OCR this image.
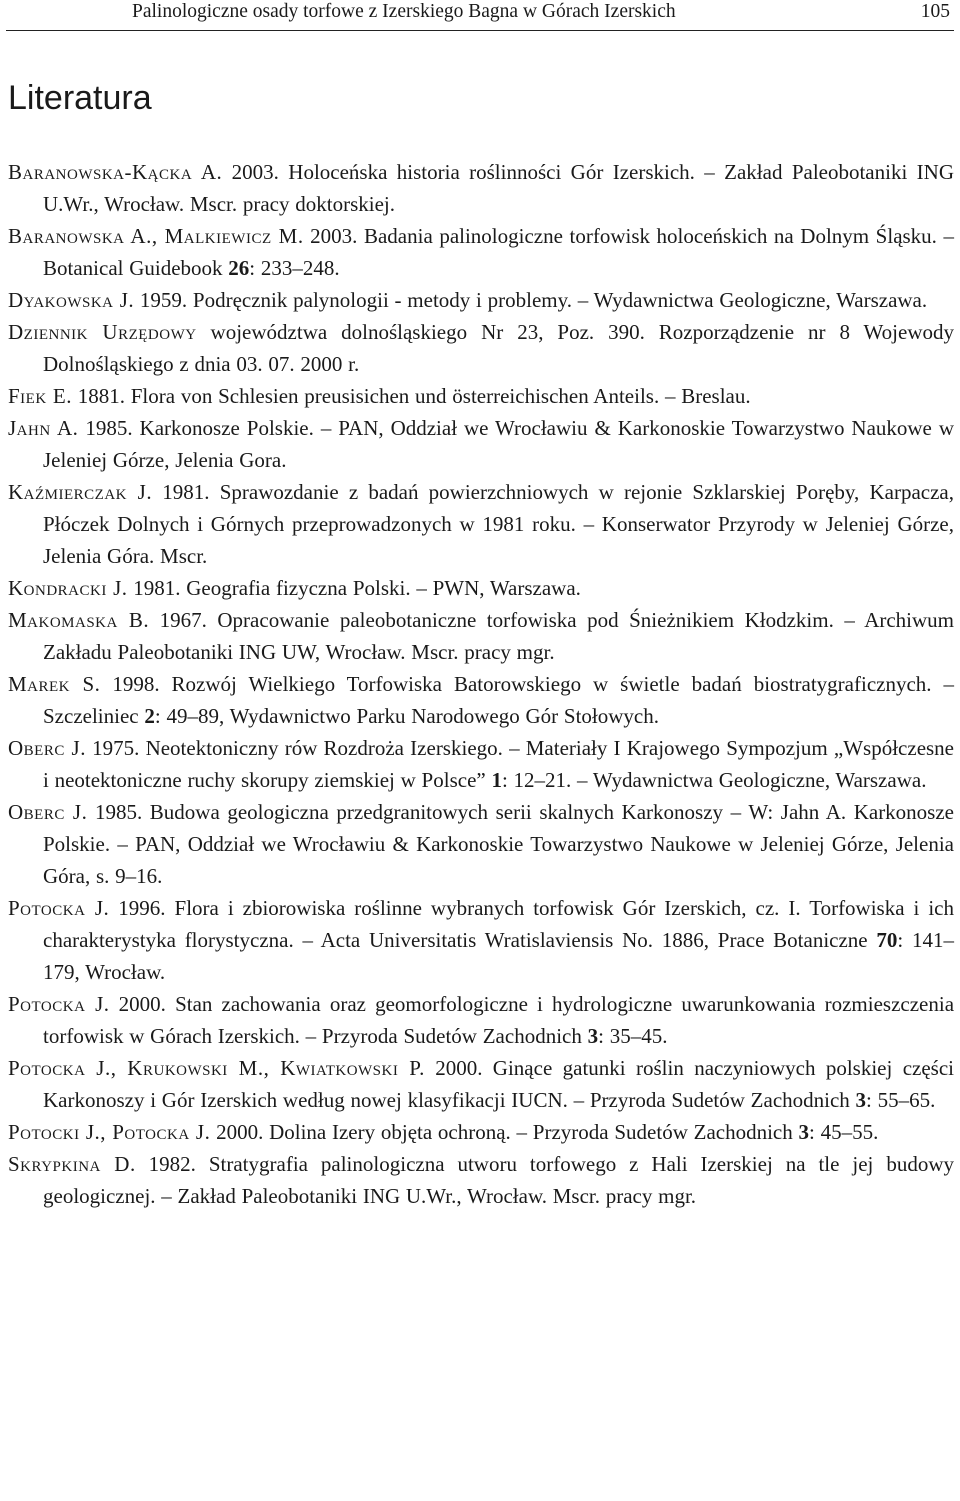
Palinologiczne osady torfowe z Izerskiego Bagna w Górach Izerskich	105
Literatura
Baranowska-Kącka A. 2003. Holoceńska historia roślinności Gór Izerskich. – Zakład Paleobotaniki ING U.Wr., Wrocław. Mscr. pracy doktorskiej.
Baranowska A., Malkiewicz M. 2003. Badania palinologiczne torfowisk holoceńskich na Dolnym Śląsku. – Botanical Guidebook 26: 233–248.
Dyakowska J. 1959. Podręcznik palynologii - metody i problemy. – Wydawnictwa Geologiczne, Warszawa.
Dziennik Urzędowy województwa dolnośląskiego Nr 23, Poz. 390. Rozporządzenie nr 8 Wojewody Dolnośląskiego z dnia 03. 07. 2000 r.
Fiek E. 1881. Flora von Schlesien preusisichen und österreichischen Anteils. – Breslau.
Jahn A. 1985. Karkonosze Polskie. – PAN, Oddział we Wrocławiu & Karkonoskie Towarzystwo Naukowe w Jeleniej Górze, Jelenia Gora.
Kaźmierczak J. 1981. Sprawozdanie z badań powierzchniowych w rejonie Szklarskiej Poręby, Karpacza, Płóczek Dolnych i Górnych przeprowadzonych w 1981 roku. – Konserwator Przyrody w Jeleniej Górze, Jelenia Góra. Mscr.
Kondracki J. 1981. Geografia fizyczna Polski. – PWN, Warszawa.
Makomaska B. 1967. Opracowanie paleobotaniczne torfowiska pod Śnieżnikiem Kłodzkim. – Archiwum Zakładu Paleobotaniki ING UW, Wrocław. Mscr. pracy mgr.
Marek S. 1998. Rozwój Wielkiego Torfowiska Batorowskiego w świetle badań biostratygraficznych. – Szczeliniec 2: 49–89, Wydawnictwo Parku Narodowego Gór Stołowych.
Oberc J. 1975. Neotektoniczny rów Rozdroża Izerskiego. – Materiały I Krajowego Sympozjum „Współczesne i neotektoniczne ruchy skorupy ziemskiej w Polsce” 1: 12–21. – Wydawnictwa Geologiczne, Warszawa.
Oberc J. 1985. Budowa geologiczna przedgranitowych serii skalnych Karkonoszy – W: Jahn A. Karkonosze Polskie. – PAN, Oddział we Wrocławiu & Karkonoskie Towarzystwo Naukowe w Jeleniej Górze, Jelenia Góra, s. 9–16.
Potocka J. 1996. Flora i zbiorowiska roślinne wybranych torfowisk Gór Izerskich, cz. I. Torfowiska i ich charakterystyka florystyczna. – Acta Universitatis Wratislaviensis No. 1886, Prace Botaniczne 70: 141–179, Wrocław.
Potocka J. 2000. Stan zachowania oraz geomorfologiczne i hydrologiczne uwarunkowania rozmieszczenia torfowisk w Górach Izerskich. – Przyroda Sudetów Zachodnich 3: 35–45.
Potocka J., Krukowski M., Kwiatkowski P. 2000. Ginące gatunki roślin naczyniowych polskiej części Karkonoszy i Gór Izerskich według nowej klasyfikacji IUCN. – Przyroda Sudetów Zachodnich 3: 55–65.
Potocki J., Potocka J. 2000. Dolina Izery objęta ochroną. – Przyroda Sudetów Zachodnich 3: 45–55.
Skrypkina D. 1982. Stratygrafia palinologiczna utworu torfowego z Hali Izerskiej na tle jej budowy geologicznej. – Zakład Paleobotaniki ING U.Wr., Wrocław. Mscr. pracy mgr.
